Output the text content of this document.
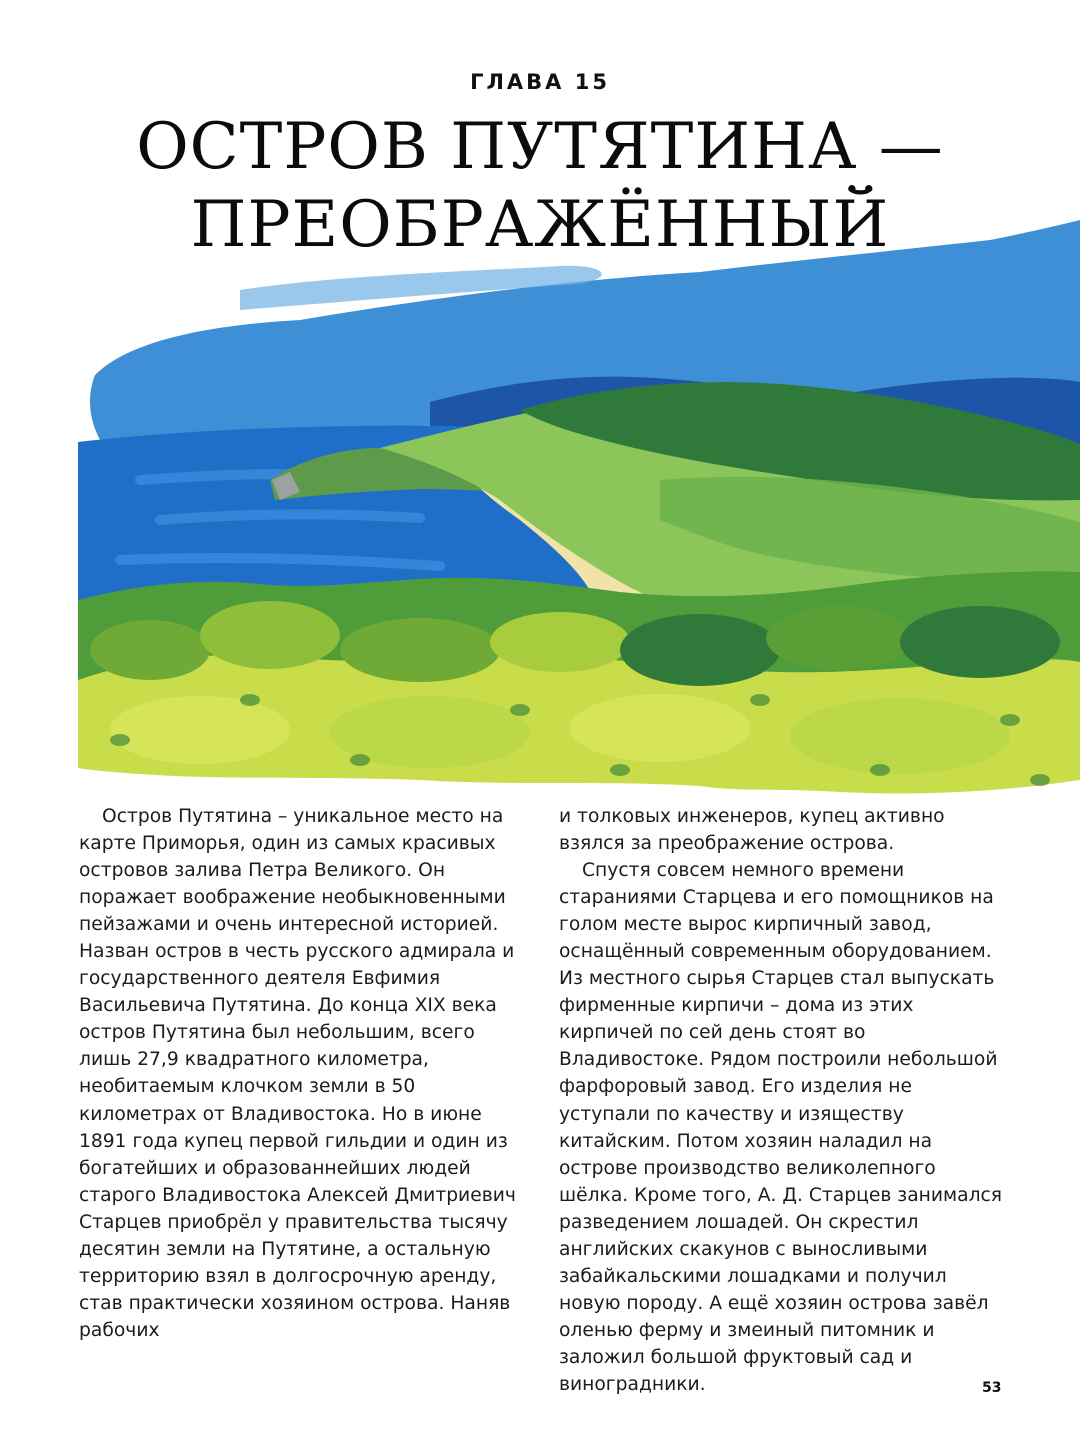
ГЛАВА 15
ОСТРОВ ПУТЯТИНА —
ПРЕОБРАЖЁННЫЙ

Остров Путятина – уникальное место на карте Приморья, один из самых красивых островов залива Петра Великого. Он поражает воображение необыкновенными пейзажами и очень интересной историей. Назван остров в честь русского адмирала и государственного деятеля Евфимия Васильевича Путятина. До конца XIX века остров Путятина был небольшим, всего лишь 27,9 квадратного километра, необитаемым клочком земли в 50 километрах от Владивостока. Но в июне 1891 года купец первой гильдии и один из богатейших и образованнейших людей старого Владивостока Алексей Дмитриевич Старцев приобрёл у правительства тысячу десятин земли на Путятине, а остальную территорию взял в долгосрочную аренду, став практически хозяином острова. Наняв рабочих

и толковых инженеров, купец активно взялся за преображение острова.

Спустя совсем немного времени стараниями Старцева и его помощников на голом месте вырос кирпичный завод, оснащённый современным оборудованием. Из местного сырья Старцев стал выпускать фирменные кирпичи – дома из этих кирпичей по сей день стоят во Владивостоке. Рядом построили небольшой фарфоровый завод. Его изделия не уступали по качеству и изяществу китайским. Потом хозяин наладил на острове производство великолепного шёлка. Кроме того, А. Д. Старцев занимался разведением лошадей. Он скрестил английских скакунов с выносливыми забайкальскими лошадками и получил новую породу. А ещё хозяин острова завёл оленью ферму и змеиный питомник и заложил большой фруктовый сад и виноградники.	53
